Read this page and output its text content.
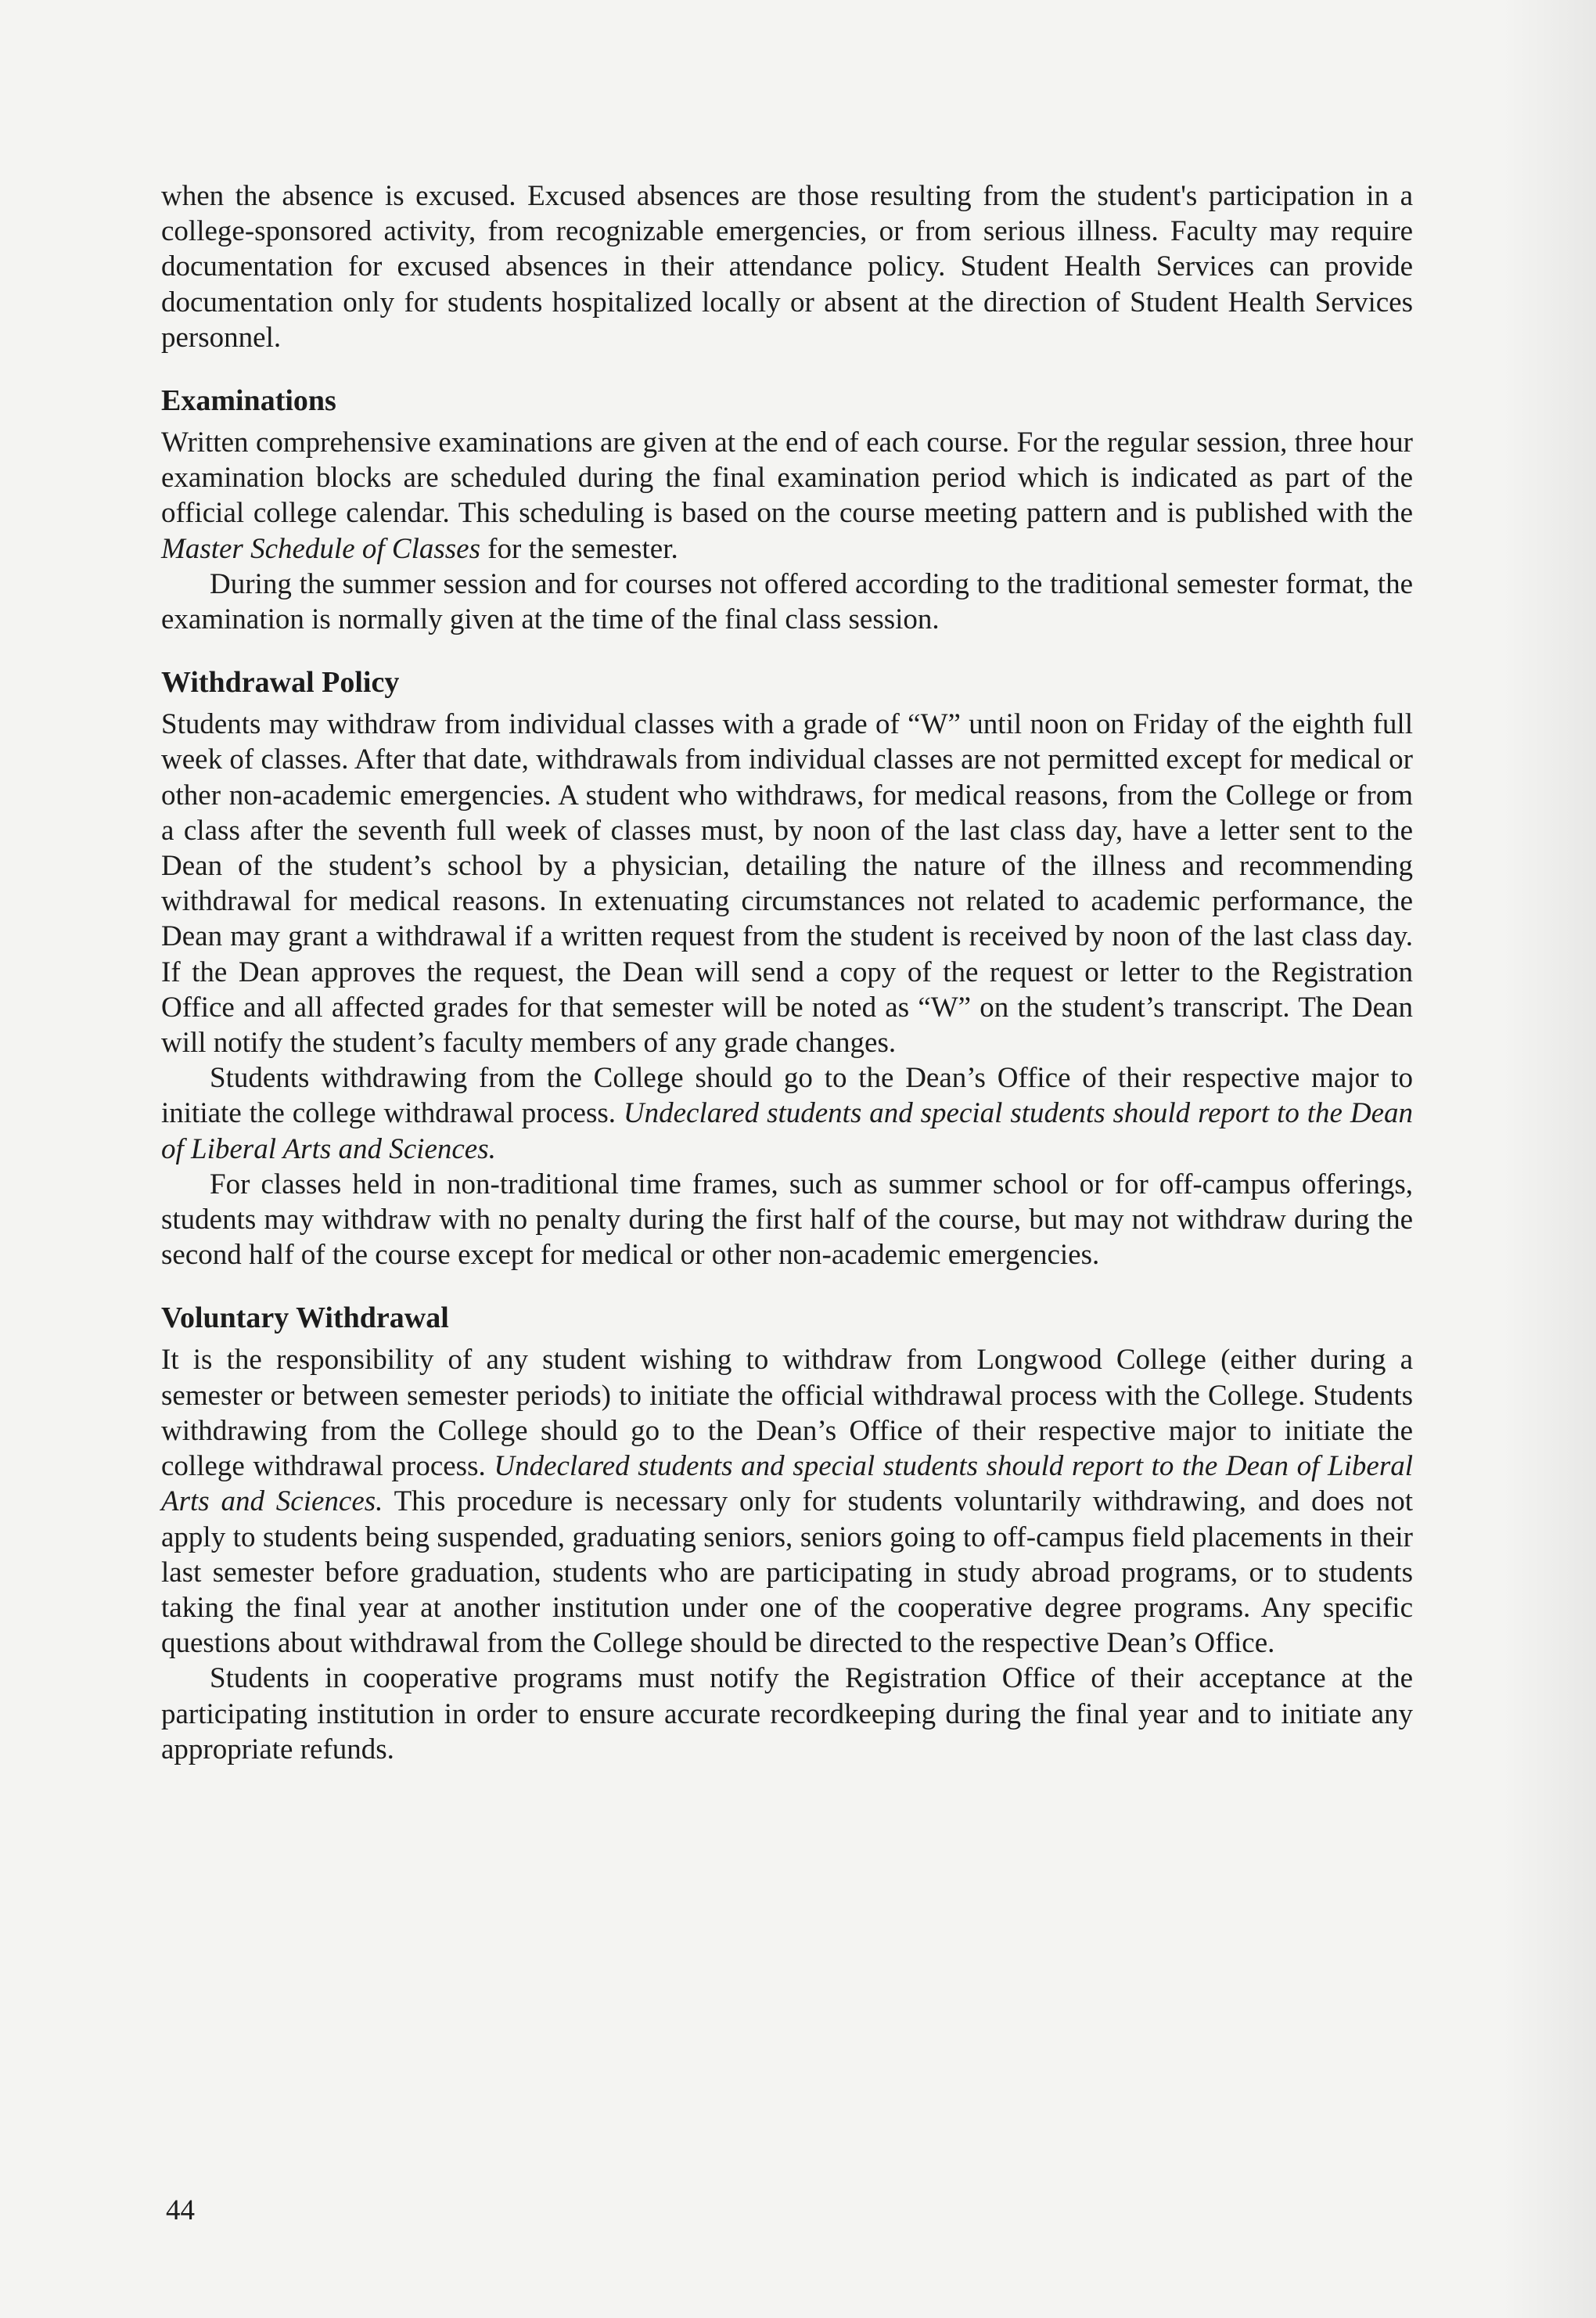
when the absence is excused. Excused absences are those resulting from the student's participation in a college-sponsored activity, from recognizable emergencies, or from serious illness. Faculty may require documentation for excused absences in their attendance policy. Student Health Services can provide documentation only for students hospitalized locally or absent at the direction of Student Health Services personnel.

Examinations

Written comprehensive examinations are given at the end of each course. For the regular session, three hour examination blocks are scheduled during the final examination period which is indicated as part of the official college calendar. This scheduling is based on the course meeting pattern and is published with the Master Schedule of Classes for the semester.

During the summer session and for courses not offered according to the traditional semester format, the examination is normally given at the time of the final class session.

Withdrawal Policy

Students may withdraw from individual classes with a grade of “W” until noon on Friday of the eighth full week of classes. After that date, withdrawals from individual classes are not permitted except for medical or other non-academic emergencies. A student who withdraws, for medical reasons, from the College or from a class after the seventh full week of classes must, by noon of the last class day, have a letter sent to the Dean of the student’s school by a physician, detailing the nature of the illness and recommending withdrawal for medical reasons. In extenuating circumstances not related to academic performance, the Dean may grant a withdrawal if a written request from the student is received by noon of the last class day. If the Dean approves the request, the Dean will send a copy of the request or letter to the Registration Office and all affected grades for that semester will be noted as “W” on the student’s transcript. The Dean will notify the student’s faculty members of any grade changes.

Students withdrawing from the College should go to the Dean’s Office of their respective major to initiate the college withdrawal process. Undeclared students and special students should report to the Dean of Liberal Arts and Sciences.

For classes held in non-traditional time frames, such as summer school or for off-campus offerings, students may withdraw with no penalty during the first half of the course, but may not withdraw during the second half of the course except for medical or other non-academic emergencies.

Voluntary Withdrawal

It is the responsibility of any student wishing to withdraw from Longwood College (either during a semester or between semester periods) to initiate the official withdrawal process with the College. Students withdrawing from the College should go to the Dean’s Office of their respective major to initiate the college withdrawal process. Undeclared students and special students should report to the Dean of Liberal Arts and Sciences. This procedure is necessary only for students voluntarily withdrawing, and does not apply to students being suspended, graduating seniors, seniors going to off-campus field placements in their last semester before graduation, students who are participating in study abroad programs, or to students taking the final year at another institution under one of the cooperative degree programs. Any specific questions about withdrawal from the College should be directed to the respective Dean’s Office.

Students in cooperative programs must notify the Registration Office of their acceptance at the participating institution in order to ensure accurate recordkeeping during the final year and to initiate any appropriate refunds.

44
